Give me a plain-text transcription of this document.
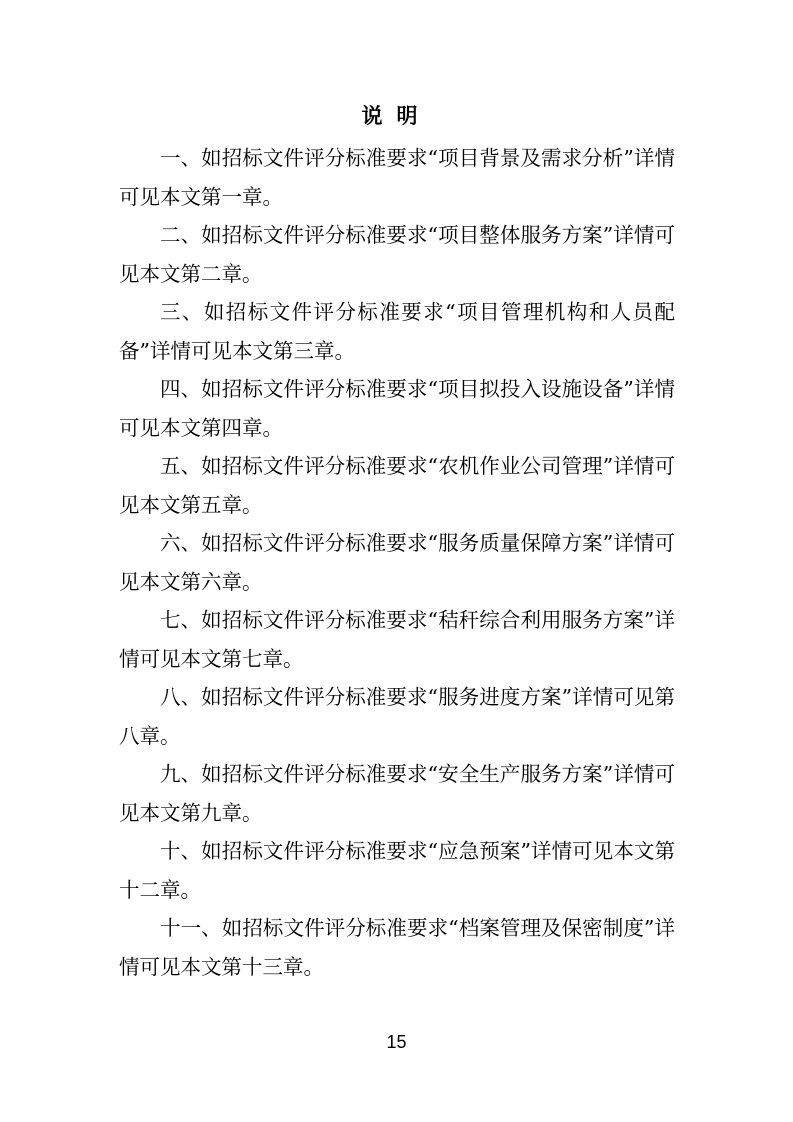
说明

一、如招标文件评分标准要求“项目背景及需求分析”详情可见本文第一章。

二、如招标文件评分标准要求“项目整体服务方案”详情可见本文第二章。

三、如招标文件评分标准要求“项目管理机构和人员配备”详情可见本文第三章。

四、如招标文件评分标准要求“项目拟投入设施设备”详情可见本文第四章。

五、如招标文件评分标准要求“农机作业公司管理”详情可见本文第五章。

六、如招标文件评分标准要求“服务质量保障方案”详情可见本文第六章。

七、如招标文件评分标准要求“秸秆综合利用服务方案”详情可见本文第七章。

八、如招标文件评分标准要求“服务进度方案”详情可见第八章。

九、如招标文件评分标准要求“安全生产服务方案”详情可见本文第九章。

十、如招标文件评分标准要求“应急预案”详情可见本文第十二章。

十一、如招标文件评分标准要求“档案管理及保密制度”详情可见本文第十三章。

15
